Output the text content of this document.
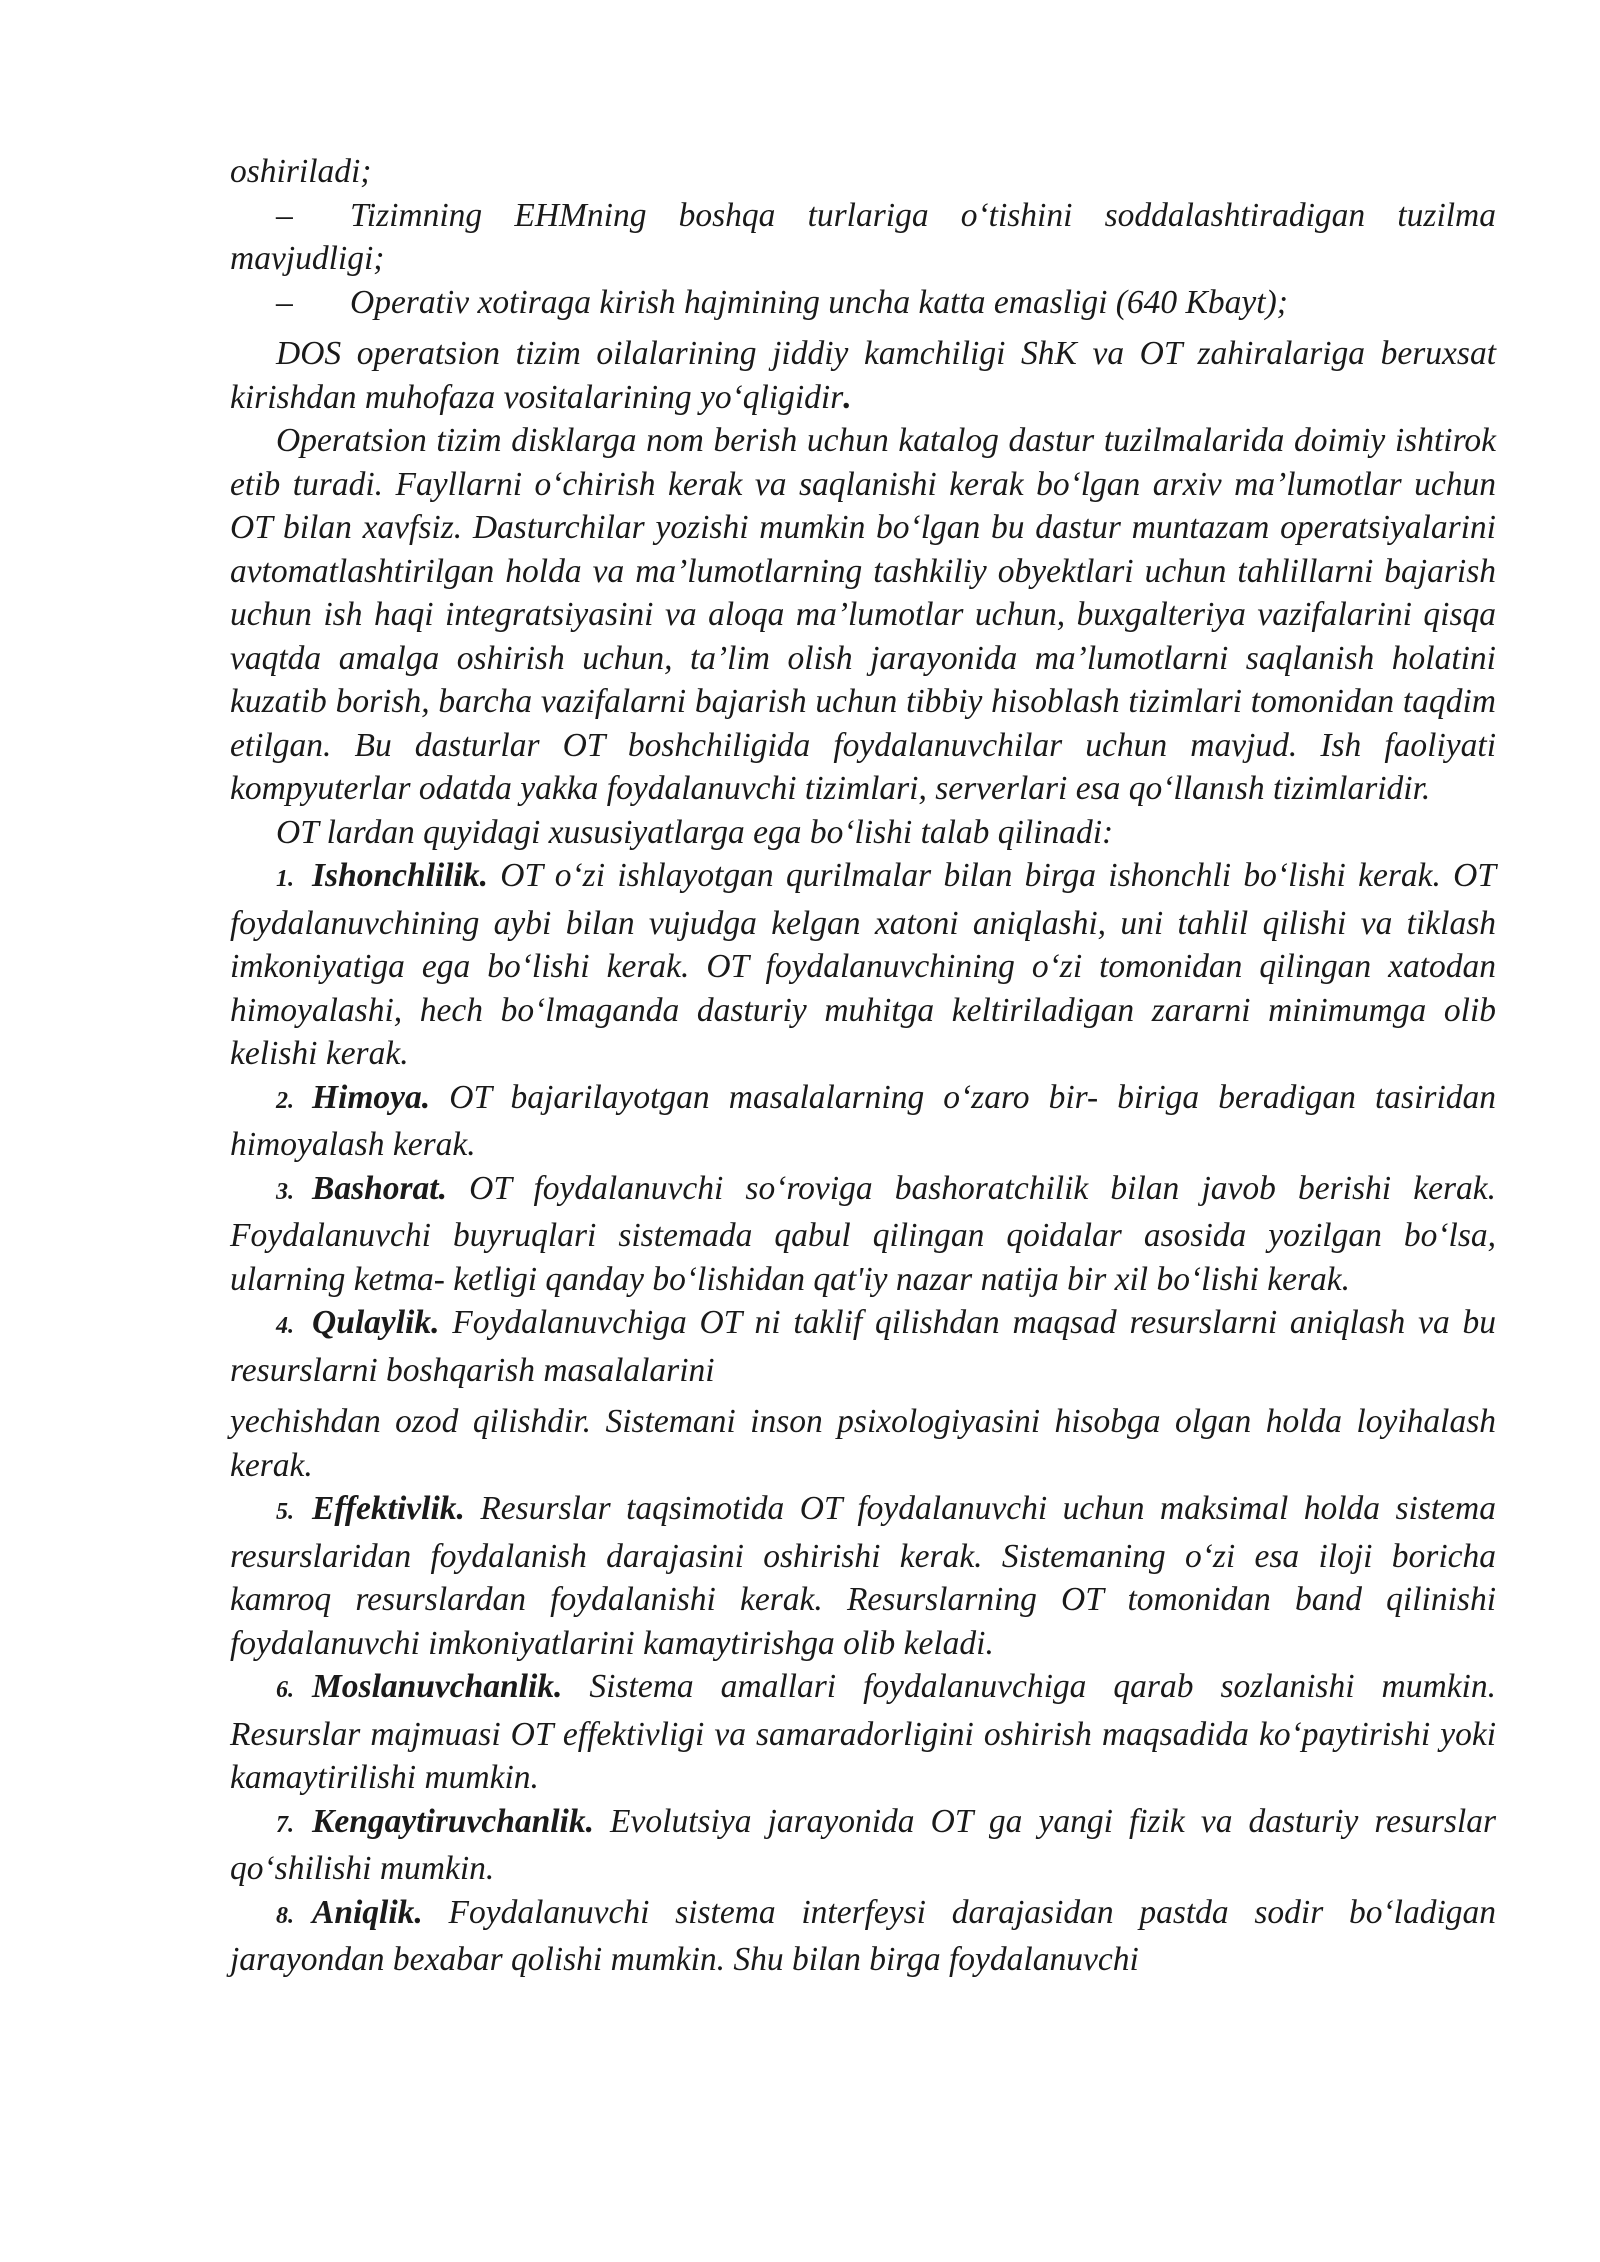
oshiriladi;

– Tizimning EHMning boshqa turlariga o‘tishini soddalashtiradigan tuzilma mavjudligi;

– Operativ xotiraga kirish hajmining uncha katta emasligi (640 Kbayt);

DOS operatsion tizim oilalarining jiddiy kamchiligi ShK va OT zahiralariga beruxsat kirishdan muhofaza vositalarining yo‘qligidir.

Operatsion tizim disklarga nom berish uchun katalog dastur tuzilmalarida doimiy ishtirok etib turadi. Fayllarni o‘chirish kerak va saqlanishi kerak bo‘lgan arxiv ma’lumotlar uchun OT bilan xavfsiz. Dasturchilar yozishi mumkin bo‘lgan bu dastur muntazam operatsiyalarini avtomatlashtirilgan holda va ma’lumotlarning tashkiliy obyektlari uchun tahlillarni bajarish uchun ish haqi integratsiyasini va aloqa ma’lumotlar uchun, buxgalteriya vazifalarini qisqa vaqtda amalga oshirish uchun, ta’lim olish jarayonida ma’lumotlarni saqlanish holatini kuzatib borish, barcha vazifalarni bajarish uchun tibbiy hisoblash tizimlari tomonidan taqdim etilgan. Bu dasturlar OT boshchiligida foydalanuvchilar uchun mavjud. Ish faoliyati kompyuterlar odatda yakka foydalanuvchi tizimlari, serverlari esa qo‘llanısh tizimlaridir.

OT lardan quyidagi xususiyatlarga ega bo‘lishi talab qilinadi:

1. Ishonchlilik. OT o‘zi ishlayotgan qurilmalar bilan birga ishonchli bo‘lishi kerak. OT foydalanuvchining aybi bilan vujudga kelgan xatoni aniqlashi, uni tahlil qilishi va tiklash imkoniyatiga ega bo‘lishi kerak. OT foydalanuvchining o‘zi tomonidan qilingan xatodan himoyalashi, hech bo‘lmaganda dasturiy muhitga keltiriladigan zararni minimumga olib kelishi kerak.

2. Himoya. OT bajarilayotgan masalalarning o‘zaro bir- biriga beradigan tasiridan himoyalash kerak.

3. Bashorat. OT foydalanuvchi so‘roviga bashoratchilik bilan javob berishi kerak. Foydalanuvchi buyruqlari sistemada qabul qilingan qoidalar asosida yozilgan bo‘lsa, ularning ketma- ketligi qanday bo‘lishidan qat'iy nazar natija bir xil bo‘lishi kerak.

4. Qulaylik. Foydalanuvchiga OT ni taklif qilishdan maqsad resurslarni aniqlash va bu resurslarni boshqarish masalalarini

yechishdan ozod qilishdir. Sistemani inson psixologiyasini hisobga olgan holda loyihalash kerak.

5. Effektivlik. Resurslar taqsimotida OT foydalanuvchi uchun maksimal holda sistema resurslaridan foydalanish darajasini oshirishi kerak. Sistemaning o‘zi esa iloji boricha kamroq resurslardan foydalanishi kerak. Resurslarning OT tomonidan band qilinishi foydalanuvchi imkoniyatlarini kamaytirishga olib keladi.

6. Moslanuvchanlik. Sistema amallari foydalanuvchiga qarab sozlanishi mumkin. Resurslar majmuasi OT effektivligi va samaradorligini oshirish maqsadida ko‘paytirishi yoki kamaytirilishi mumkin.

7. Kengaytiruvchanlik. Evolutsiya jarayonida OT ga yangi fizik va dasturiy resurslar qo‘shilishi mumkin.

8. Aniqlik. Foydalanuvchi sistema interfeysi darajasidan pastda sodir bo‘ladigan jarayondan bexabar qolishi mumkin. Shu bilan birga foydalanuvchi
